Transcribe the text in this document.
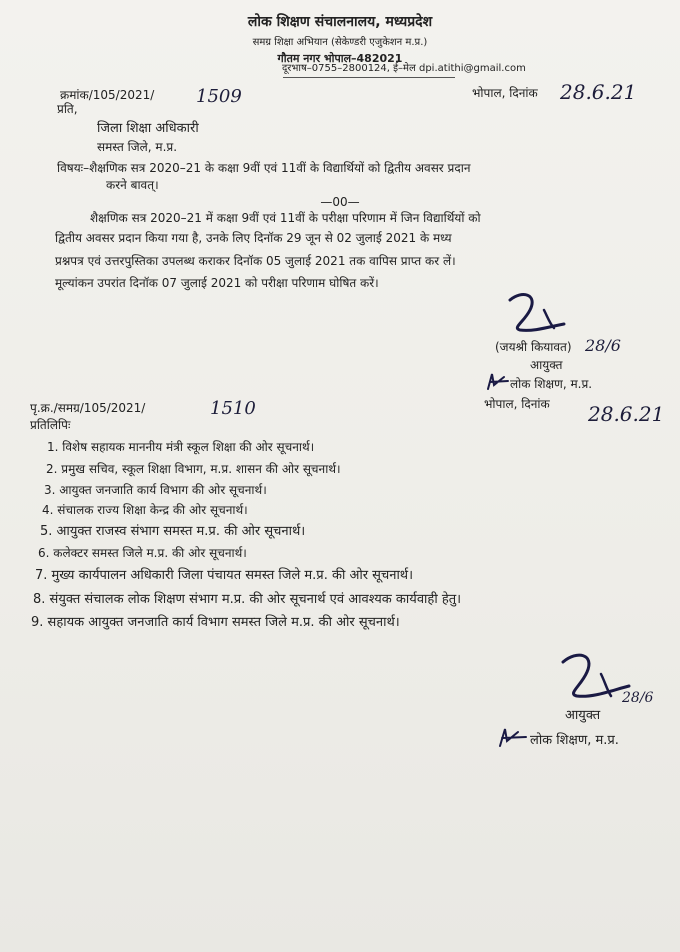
लोक शिक्षण संचालनालय, मध्यप्रदेश
समग्र शिक्षा अभियान (सेकेण्डरी एजुकेशन म.प्र.)
गौतम नगर भोपाल–482021
दूरभाष–0755–2800124, ई–मेल dpi.atithi@gmail.com
क्रमांक/105/2021/ 1509	भोपाल, दिनांक 28.6.21
प्रति,
जिला शिक्षा अधिकारी
समस्त जिले, म.प्र.
विषयः–शैक्षणिक सत्र 2020–21 के कक्षा 9वीं एवं 11वीं के विद्यार्थियों को द्वितीय अवसर प्रदान
करने बावत्।
—00—
शैक्षणिक सत्र 2020–21 में कक्षा 9वीं एवं 11वीं के परीक्षा परिणाम में जिन विद्यार्थियों को
द्वितीय अवसर प्रदान किया गया है, उनके लिए दिनॉक 29 जून से 02 जुलाई 2021 के मध्य
प्रश्नपत्र एवं उत्तरपुस्तिका उपलब्ध कराकर दिनॉक 05 जुलाई 2021 तक वापिस प्राप्त कर लें।
मूल्यांकन उपरांत दिनॉक 07 जुलाई 2021 को परीक्षा परिणाम घोषित करें।
(जयश्री कियावत) 28/6
आयुक्त
लोक शिक्षण, म.प्र.
पृ.क्र./समग्र/105/2021/	1510	भोपाल, दिनांक 28.6.21
प्रतिलिपिः
1. विशेष सहायक माननीय मंत्री स्कूल शिक्षा की ओर सूचनार्थ।
2. प्रमुख सचिव, स्कूल शिक्षा विभाग, म.प्र. शासन की ओर सूचनार्थ।
3. आयुक्त जनजाति कार्य विभाग की ओर सूचनार्थ।
4. संचालक राज्य शिक्षा केन्द्र की ओर सूचनार्थ।
5. आयुक्त राजस्व संभाग समस्त म.प्र. की ओर सूचनार्थ।
6. कलेक्टर समस्त जिले म.प्र. की ओर सूचनार्थ।
7. मुख्य कार्यपालन अधिकारी जिला पंचायत समस्त जिले म.प्र. की ओर सूचनार्थ।
8. संयुक्त संचालक लोक शिक्षण संभाग म.प्र. की ओर सूचनार्थ एवं आवश्यक कार्यवाही हेतु।
9. सहायक आयुक्त जनजाति कार्य विभाग समस्त जिले म.प्र. की ओर सूचनार्थ।
28/6
आयुक्त
लोक शिक्षण, म.प्र.
